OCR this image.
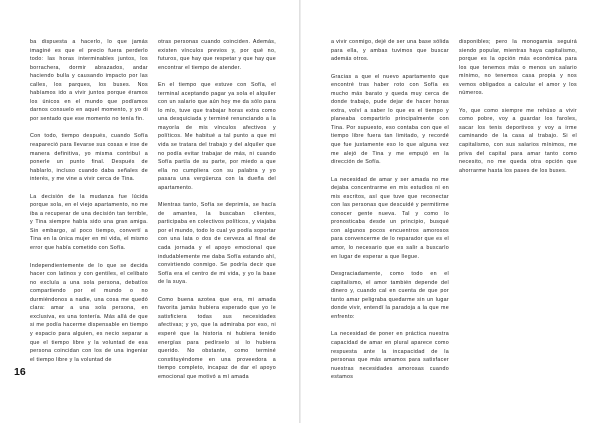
ba dispuesta a hacerlo, lo que jamás imaginé es que el precio fuera perderlo todo: las horas interminables juntos, los borrachera, dormir abrazados, andar haciendo bulla y causando impacto por las calles, los parques, los buses. Nos habíamos ido a vivir juntos porque éramos los únicos en el mundo que podíamos darnos consuelo en aquel momento, y yo di por sentado que ese momento no tenía fin.

Con todo, tiempo después, cuando Sofía reapareció para llevarse sus cosas e irse de manera definitiva, yo misma contribuí a ponerle un punto final. Después de hablarlo, incluso cuando daba señales de interés, y me vine a vivir cerca de Tina.

La decisión de la mudanza fue lúcida porque sola, en el viejo apartamento, no me iba a recuperar de una decisión tan terrible, y Tina siempre había sido una gran amiga. Sin embargo, al poco tiempo, convertí a Tina en la única mujer en mi vida, el mismo error que había cometido con Sofía.

Independientemente de lo que se decida hacer con latinos y con gentiles, el celibato no excluía a una sola persona, debatíos compartiendo por el mundo o no durmiéndonos a nadie, una cosa me quedó clara: amar a una sola persona, en exclusiva, es una tontería. Más allá de que si me podía hacerme dispensable en tiempo y espacio para alguien, es necio separar a que el tiempo libre y la voluntad de esa persona coincidan con los de una ingeniar el tiempo libre y la voluntad de

otras personas cuando coinciden. Además, existen vínculos previos y, por qué no, futuros, que hay que respetar y que hay que encontrar el tiempo de atender.

En el tiempo que estuve con Sofía, el terminal aceptando pagar ya sola el alquiler con un salario que aún hoy me da sólo para lo mío, tuve que trabajar horas extra como una desquiciada y terminé renunciando a la mayoría de mis vínculos afectivos y políticos. Me habitué a tal punto a que mi vida se tratara del trabajo y del alquiler que no podía evitar trabajar de más, ni cuando Sofía partía de su parte, por miedo a que ella no cumpliera con su palabra y yo pasara una vergüenza con la dueña del apartamento.

Mientras tanto, Sofía se deprimía, se hacía de amantes, la buscaban clientes, participaba en colectivos políticos, y viajaba por el mundo, todo lo cual yo podía soportar con una lata o dos de cerveza al final de cada jornada y el apoyo emocional que indudablemente me daba Sofía estando ahí, convirtiendo conmigo. Se podría decir que Sofía era el centro de mi vida, y yo la base de la suya.

Como buena azotea que era, mi amada favorita jamás hubiera esperado que yo le satisficiera todas sus necesidades afectivas; y yo, que la admiraba por eso, ni esperé que la historia ni hubiera tenido energías para pedírselo si lo hubiera querido. No obstante, como terminé constituyéndome en una proveedora a tiempo completo, incapaz de dar el apoyo emocional que motivó a mí amada

16

a vivir conmigo, dejé de ser una base sólida para ella, y ambas tuvimos que buscar además otros.

Gracias a que el nuevo apartamento que encontré tras haber roto con Sofía es mucho más barato y queda muy cerca de donde trabajo, pude dejar de hacer horas extra, volví a saber lo que es el tiempo y planeaba compartirlo principalmente con Tina. Por supuesto, eso contaba con que el tiempo libre fuera tan limitado, y recordé que fue justamente eso lo que alguna vez me alejó de Tina y me empujó en la dirección de Sofía.

La necesidad de amar y ser amada no me dejaba concentrarme en mis estudios ni en mis escritos, así que tuve que reconectar con las personas que descuidé y permitirme conocer gente nueva. Tal y como lo pronosticaba desde un principio, busqué con algunos pocos encuentros amorosos para convencerme de lo reparador que es el amor, lo necesario que es salir a buscarlo en lugar de esperar a que llegue.

Desgraciadamente, como todo en el capitalismo, el amor también depende del dinero y, cuando cal en cuenta de que por tanto amar peligraba quedarme sin un lugar donde vivir, entendí la paradoja a la que me enfrento:

La necesidad de poner en práctica nuestra capacidad de amar en plural aparece como respuesta ante la incapacidad de la personas que más amamos para satisfacer nuestras necesidades amorosas cuando estamos

disponibles; pero la monogamia seguirá siendo popular, mientras haya capitalismo, porque es la opción más económica para los que tenemos más o menos un salario mínimo, no tenemos casa propia y nos vemos obligados a calcular el amor y los números.

Yo, que como siempre me rehúso a vivir como pobre, voy a guardar los faroles, sacar los tenis deportivos y voy a irme caminando de la casa al trabajo. Si el capitalismo, con sus salarios mínimos, me priva del capital para amar tanto como necesito, no me queda otra opción que ahorrarme hasta los pases de los buses.
